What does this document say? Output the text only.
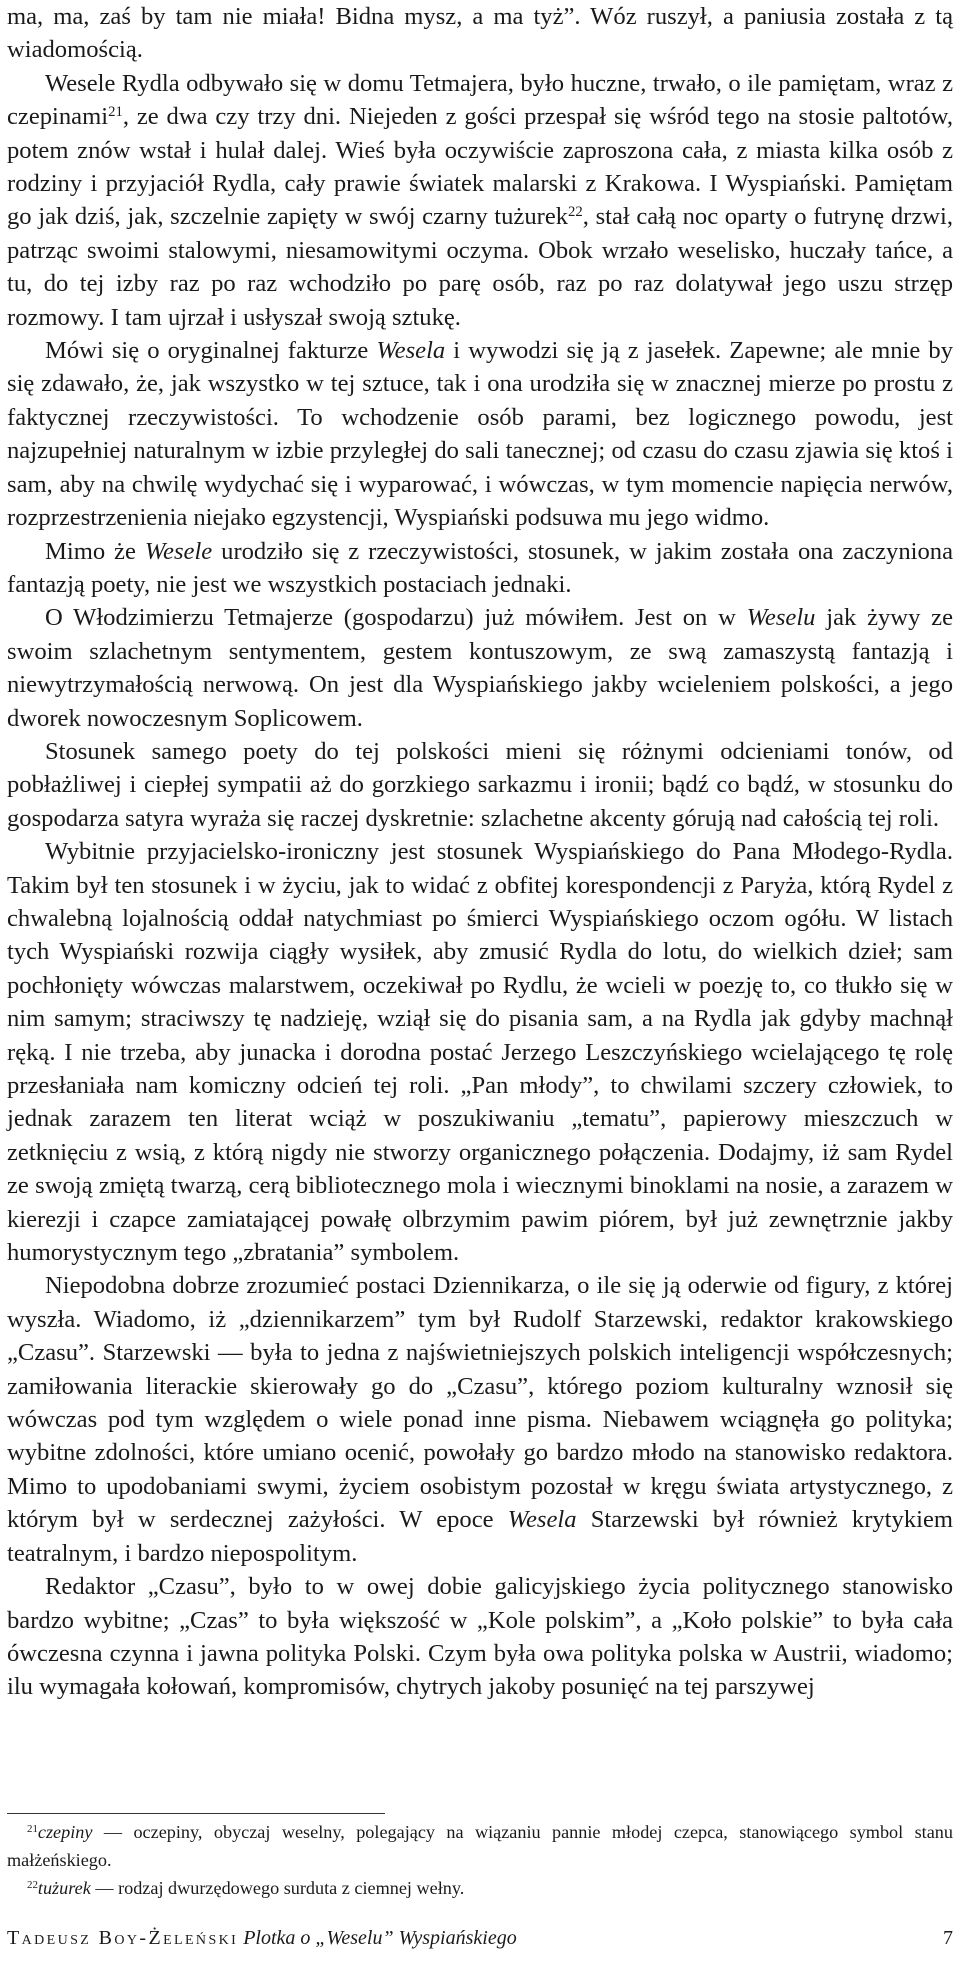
ma, ma, zaś by tam nie miała! Bidna mysz, a ma tyż”. Wóz ruszył, a paniusia została z tą wiadomością.

Wesele Rydla odbywało się w domu Tetmajera, było huczne, trwało, o ile pamiętam, wraz z czepinami$^{21}$, ze dwa czy trzy dni. Niejeden z gości przespał się wśród tego na stosie paltotów, potem znów wstał i hulał dalej. Wieś była oczywiście zaproszona cała, z miasta kilka osób z rodziny i przyjaciół Rydla, cały prawie światek malarski z Krakowa. I Wyspiański. Pamiętam go jak dziś, jak, szczelnie zapięty w swój czarny tużurek$^{22}$, stał całą noc oparty o futrynę drzwi, patrząc swoimi stalowymi, niesamowitymi oczyma. Obok wrzało weselisko, huczały tańce, a tu, do tej izby raz po raz wchodziło po parę osób, raz po raz dolatywał jego uszu strzęp rozmowy. I tam ujrzał i usłyszał swoją sztukę.

Mówi się o oryginalnej fakturze Wesela i wywodzi się ją z jasełek. Zapewne; ale mnie by się zdawało, że, jak wszystko w tej sztuce, tak i ona urodziła się w znacznej mierze po prostu z faktycznej rzeczywistości. To wchodzenie osób parami, bez logicznego powodu, jest najzupełniej naturalnym w izbie przyległej do sali tanecznej; od czasu do czasu zjawia się ktoś i sam, aby na chwilę wydychać się i wyparować, i wówczas, w tym momencie napięcia nerwów, rozprzestrzenienia niejako egzystencji, Wyspiański podsuwa mu jego widmo.

Mimo że Wesele urodziło się z rzeczywistości, stosunek, w jakim została ona zaczyniona fantazją poety, nie jest we wszystkich postaciach jednaki.

O Włodzimierzu Tetmajerze (gospodarzu) już mówiłem. Jest on w Weselu jak żywy ze swoim szlachetnym sentymentem, gestem kontuszowym, ze swą zamaszystą fantazją i niewytrzymałością nerwową. On jest dla Wyspiańskiego jakby wcieleniem polskości, a jego dworek nowoczesnym Soplicowem.

Stosunek samego poety do tej polskości mieni się różnymi odcieniami tonów, od pobłażliwej i ciepłej sympatii aż do gorzkiego sarkazmu i ironii; bądź co bądź, w stosunku do gospodarza satyra wyraża się raczej dyskretnie: szlachetne akcenty górują nad całością tej roli.

Wybitnie przyjacielsko-ironiczny jest stosunek Wyspiańskiego do Pana Młodego-Rydla. Takim był ten stosunek i w życiu, jak to widać z obfitej korespondencji z Paryża, którą Rydel z chwalebną lojalnością oddał natychmiast po śmierci Wyspiańskiego oczom ogółu. W listach tych Wyspiański rozwija ciągły wysiłek, aby zmusić Rydla do lotu, do wielkich dzieł; sam pochłonięty wówczas malarstwem, oczekiwał po Rydlu, że wcieli w poezję to, co tłukło się w nim samym; straciwszy tę nadzieję, wziął się do pisania sam, a na Rydla jak gdyby machnął ręką. I nie trzeba, aby junacka i dorodna postać Jerzego Leszczyńskiego wcielającego tę rolę przesłaniała nam komiczny odcień tej roli. „Pan młody”, to chwilami szczery człowiek, to jednak zarazem ten literat wciąż w poszukiwaniu „tematu”, papierowy mieszczuch w zetknięciu z wsią, z którą nigdy nie stworzy organicznego połączenia. Dodajmy, iż sam Rydel ze swoją zmiętą twarzą, cerą bibliotecznego mola i wiecznymi binoklami na nosie, a zarazem w kierezji i czapce zamiatającej powałę olbrzymim pawim piórem, był już zewnętrznie jakby humorystycznym tego „zbratania” symbolem.

Niepodobna dobrze zrozumieć postaci Dziennikarza, o ile się ją oderwie od figury, z której wyszła. Wiadomo, iż „dziennikarzem” tym był Rudolf Starzewski, redaktor krakowskiego „Czasu”. Starzewski — była to jedna z najświetniejszych polskich inteligencji współczesnych; zamiłowania literackie skierowały go do „Czasu”, którego poziom kulturalny wznosił się wówczas pod tym względem o wiele ponad inne pisma. Niebawem wciągnęła go polityka; wybitne zdolności, które umiano ocenić, powołały go bardzo młodo na stanowisko redaktora. Mimo to upodobaniami swymi, życiem osobistym pozostał w kręgu świata artystycznego, z którym był w serdecznej zażyłości. W epoce Wesela Starzewski był również krytykiem teatralnym, i bardzo niepospolitym.

Redaktor „Czasu”, było to w owej dobie galicyjskiego życia politycznego stanowisko bardzo wybitne; „Czas” to była większość w „Kole polskim”, a „Koło polskie” to była cała ówczesna czynna i jawna polityka Polski. Czym była owa polityka polska w Austrii, wiadomo; ilu wymagała kołowań, kompromisów, chytrych jakoby posunięć na tej parszywej

$^{21}$czepiny — oczepiny, obyczaj weselny, polegający na wiązaniu pannie młodej czepca, stanowiącego symbol stanu małżeńskiego.

$^{22}$tużurek — rodzaj dwurzędowego surduta z ciemnej wełny.

Tadeusz Boy-Żeleński Plotka o „Weselu” Wyspiańskiego	7
